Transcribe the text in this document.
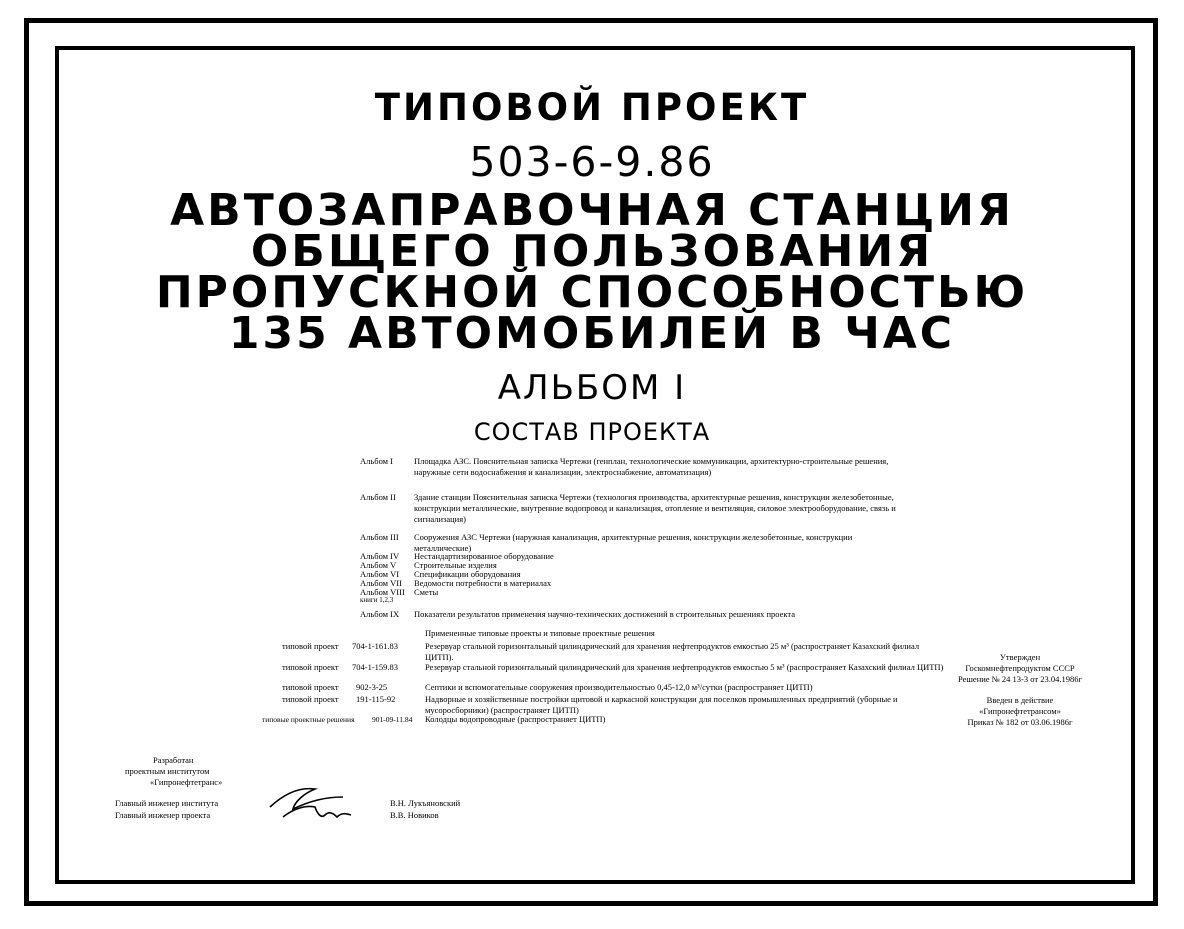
ТИПОВОЙ ПРОЕКТ
503-6-9.86
АВТОЗАПРАВОЧНАЯ СТАНЦИЯ
ОБЩЕГО ПОЛЬЗОВАНИЯ
ПРОПУСКНОЙ СПОСОБНОСТЬЮ
135 АВТОМОБИЛЕЙ В ЧАС
АЛЬБОМ I
СОСТАВ ПРОЕКТА
Альбом I	Площадка АЗС. Пояснительная записка Чертежи (генплан, технологические коммуникации, архитектурно-строительные решения, наружные сети водоснабжения и канализации, электроснабжение, автоматизация)
Альбом II	Здание станции Пояснительная записка Чертежи (технология производства, архитектурные решения, конструкции железобетонные, конструкции металлические, внутренние водопровод и канализация, отопление и вентиляция, силовое электрооборудование, связь и сигнализация)
Альбом III	Сооружения АЗС Чертежи (наружная канализация, архитектурные решения, конструкции железобетонные, конструкции металлические)
Альбом IV	Нестандартизированное оборудование
Альбом V	Строительные изделия
Альбом VI	Спецификации оборудования
Альбом VII	Ведомости потребности в материалах
Альбом VIII	Сметы
книги 1,2,3
Альбом IX	Показатели результатов применения научно-технических достижений в строительных решениях проекта
Примененные типовые проекты и типовые проектные решения
типовой проект	704-1-161.83	Резервуар стальной горизонтальный цилиндрический для хранения нефтепродуктов емкостью 25 м³ (распространяет Казахский филиал ЦИТП).
типовой проект	704-1-159.83	Резервуар стальной горизонтальный цилиндрический для хранения нефтепродуктов емкостью 5 м³ (распространяет Казахский филиал ЦИТП)
типовой проект	902-3-25	Септики и вспомогательные сооружения производительностью 0,45-12,0 м³/сутки (распространяет ЦИТП)
типовой проект	191-115-92	Надворные и хозяйственные постройки щитовой и каркасной конструкции для поселков промышленных предприятий (уборные и мусоросборники) (распространяет ЦИТП)
типовые проектные решения	901-09-11.84	Колодцы водопроводные (распространяет ЦИТП)
Утвержден
Госкомнефтепродуктом СССР
Решение № 24 13-3 от 23.04.1986г
Введен в действие
«Гипронефтетрансом»
Приказ № 182 от 03.06.1986г
Разработан
проектным институтом
«Гипронефтетранс»
Главный инженер института
Главный инженер проекта
В.Н. Лукъяновский
В.В. Новиков
